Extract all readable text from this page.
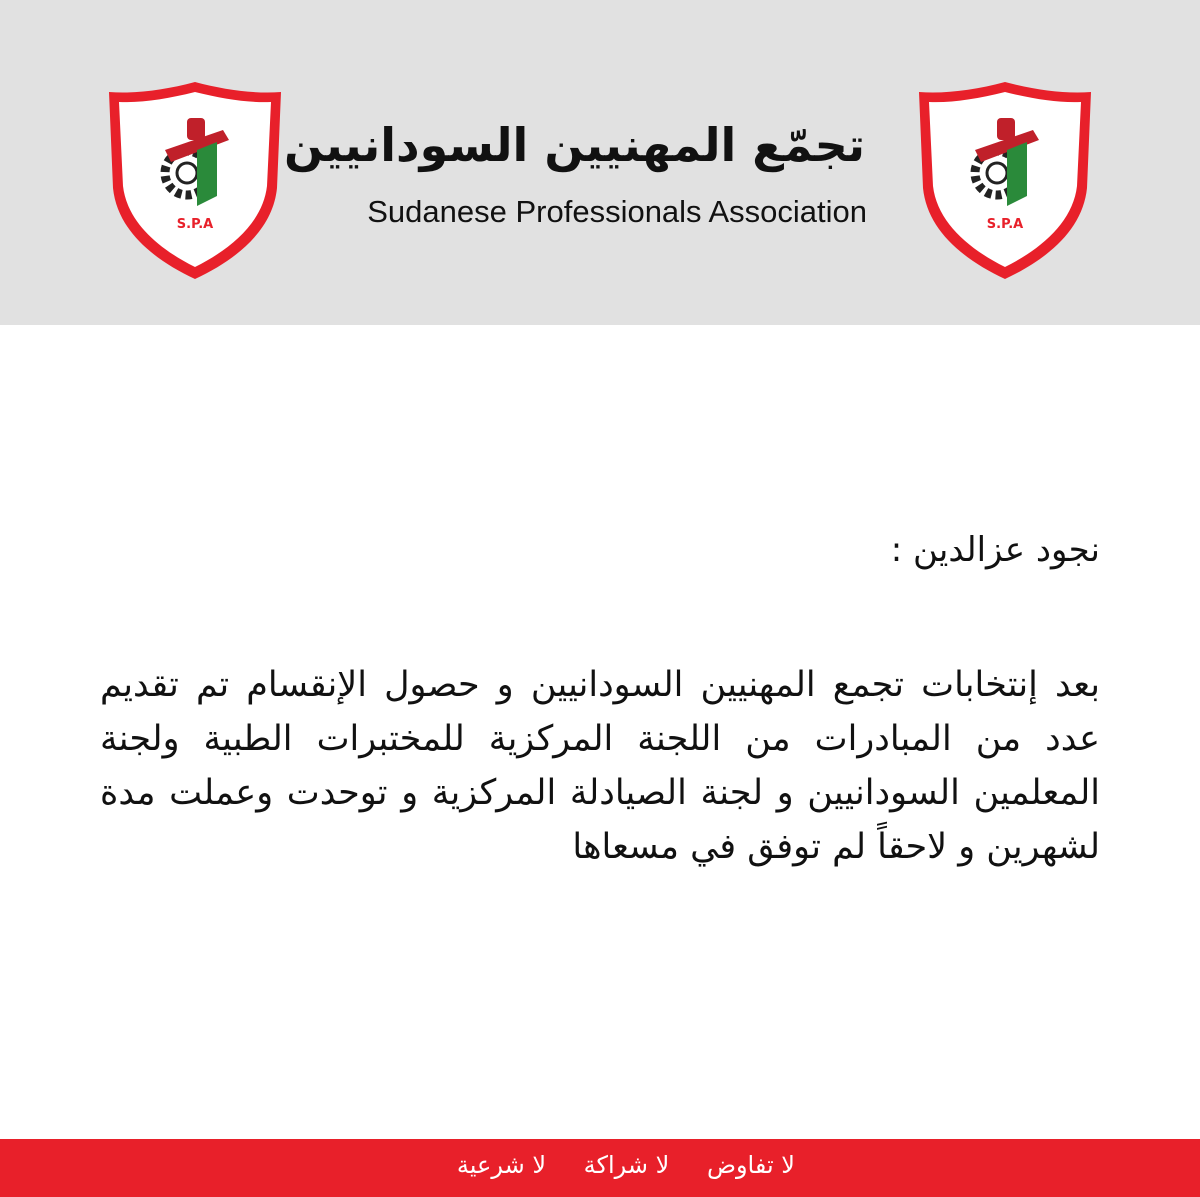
S.P.A
تجمّع المهنيين السودانيين
Sudanese Professionals Association	S.P.A
نجود عزالدين :
بعد إنتخابات تجمع المهنيين السودانيين و حصول الإنقسام تم تقديم عدد من المبادرات من اللجنة المركزية للمختبرات الطبية ولجنة المعلمين السودانيين و لجنة الصيادلة المركزية و توحدت وعملت مدة لشهرين و لاحقاً لم توفق في مسعاها
لا تفاوض لا شراكة لا شرعية
